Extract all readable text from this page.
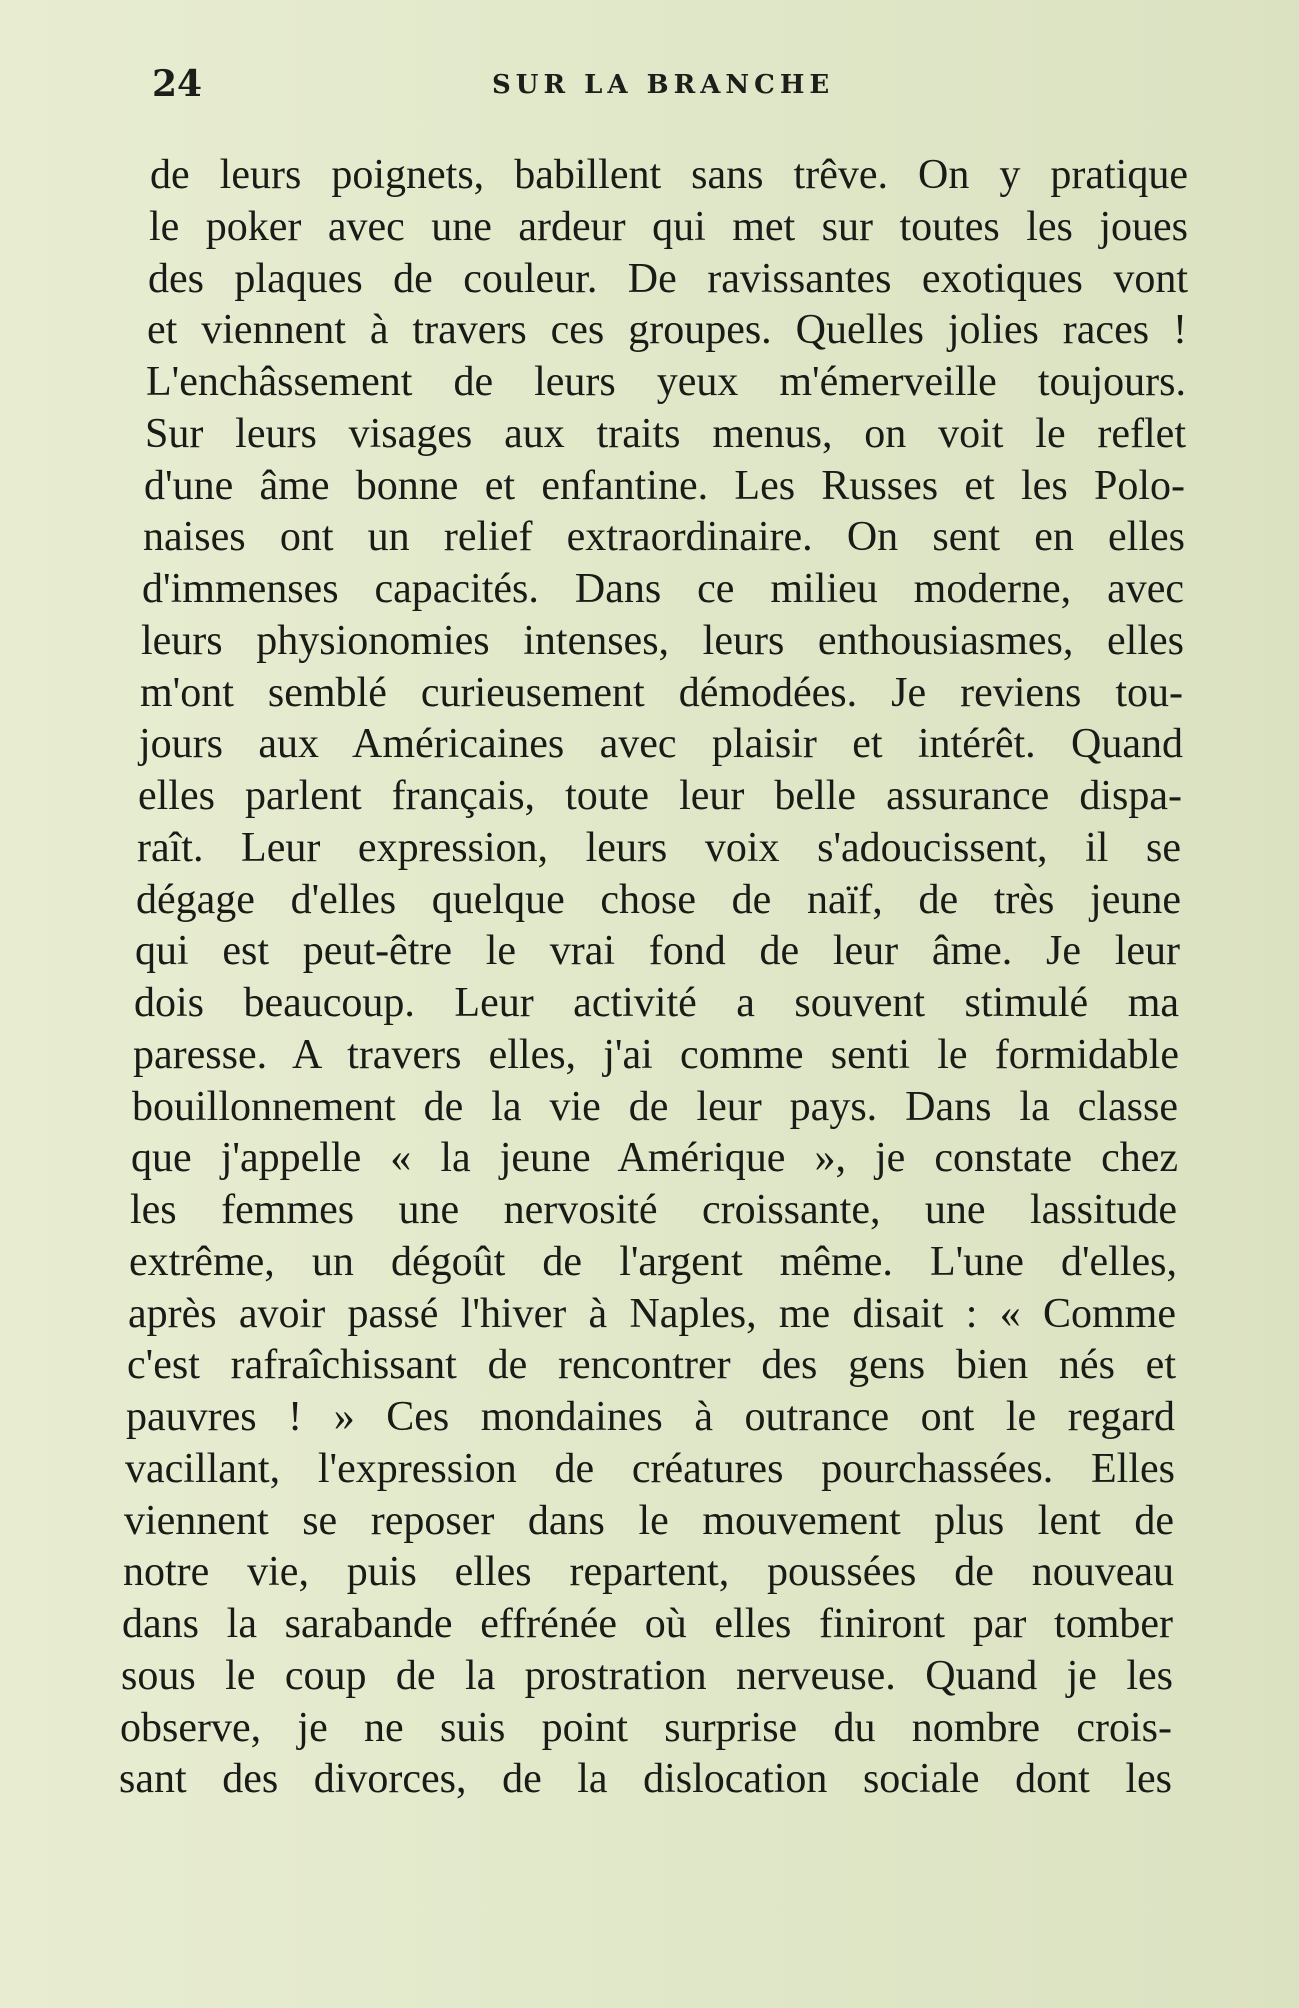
24	SUR LA BRANCHE
de leurs poignets, babillent sans trêve. On y pratique
le poker avec une ardeur qui met sur toutes les joues
des plaques de couleur. De ravissantes exotiques vont
et viennent à travers ces groupes. Quelles jolies races !
L'enchâssement de leurs yeux m'émerveille toujours.
Sur leurs visages aux traits menus, on voit le reflet
d'une âme bonne et enfantine. Les Russes et les Polo-
naises ont un relief extraordinaire. On sent en elles
d'immenses capacités. Dans ce milieu moderne, avec
leurs physionomies intenses, leurs enthousiasmes, elles
m'ont semblé curieusement démodées. Je reviens tou-
jours aux Américaines avec plaisir et intérêt. Quand
elles parlent français, toute leur belle assurance dispa-
raît. Leur expression, leurs voix s'adoucissent, il se
dégage d'elles quelque chose de naïf, de très jeune
qui est peut-être le vrai fond de leur âme. Je leur
dois beaucoup. Leur activité a souvent stimulé ma
paresse. A travers elles, j'ai comme senti le formidable
bouillonnement de la vie de leur pays. Dans la classe
que j'appelle « la jeune Amérique », je constate chez
les femmes une nervosité croissante, une lassitude
extrême, un dégoût de l'argent même. L'une d'elles,
après avoir passé l'hiver à Naples, me disait : « Comme
c'est rafraîchissant de rencontrer des gens bien nés et
pauvres ! » Ces mondaines à outrance ont le regard
vacillant, l'expression de créatures pourchassées. Elles
viennent se reposer dans le mouvement plus lent de
notre vie, puis elles repartent, poussées de nouveau
dans la sarabande effrénée où elles finiront par tomber
sous le coup de la prostration nerveuse. Quand je les
observe, je ne suis point surprise du nombre crois-
sant des divorces, de la dislocation sociale dont les
